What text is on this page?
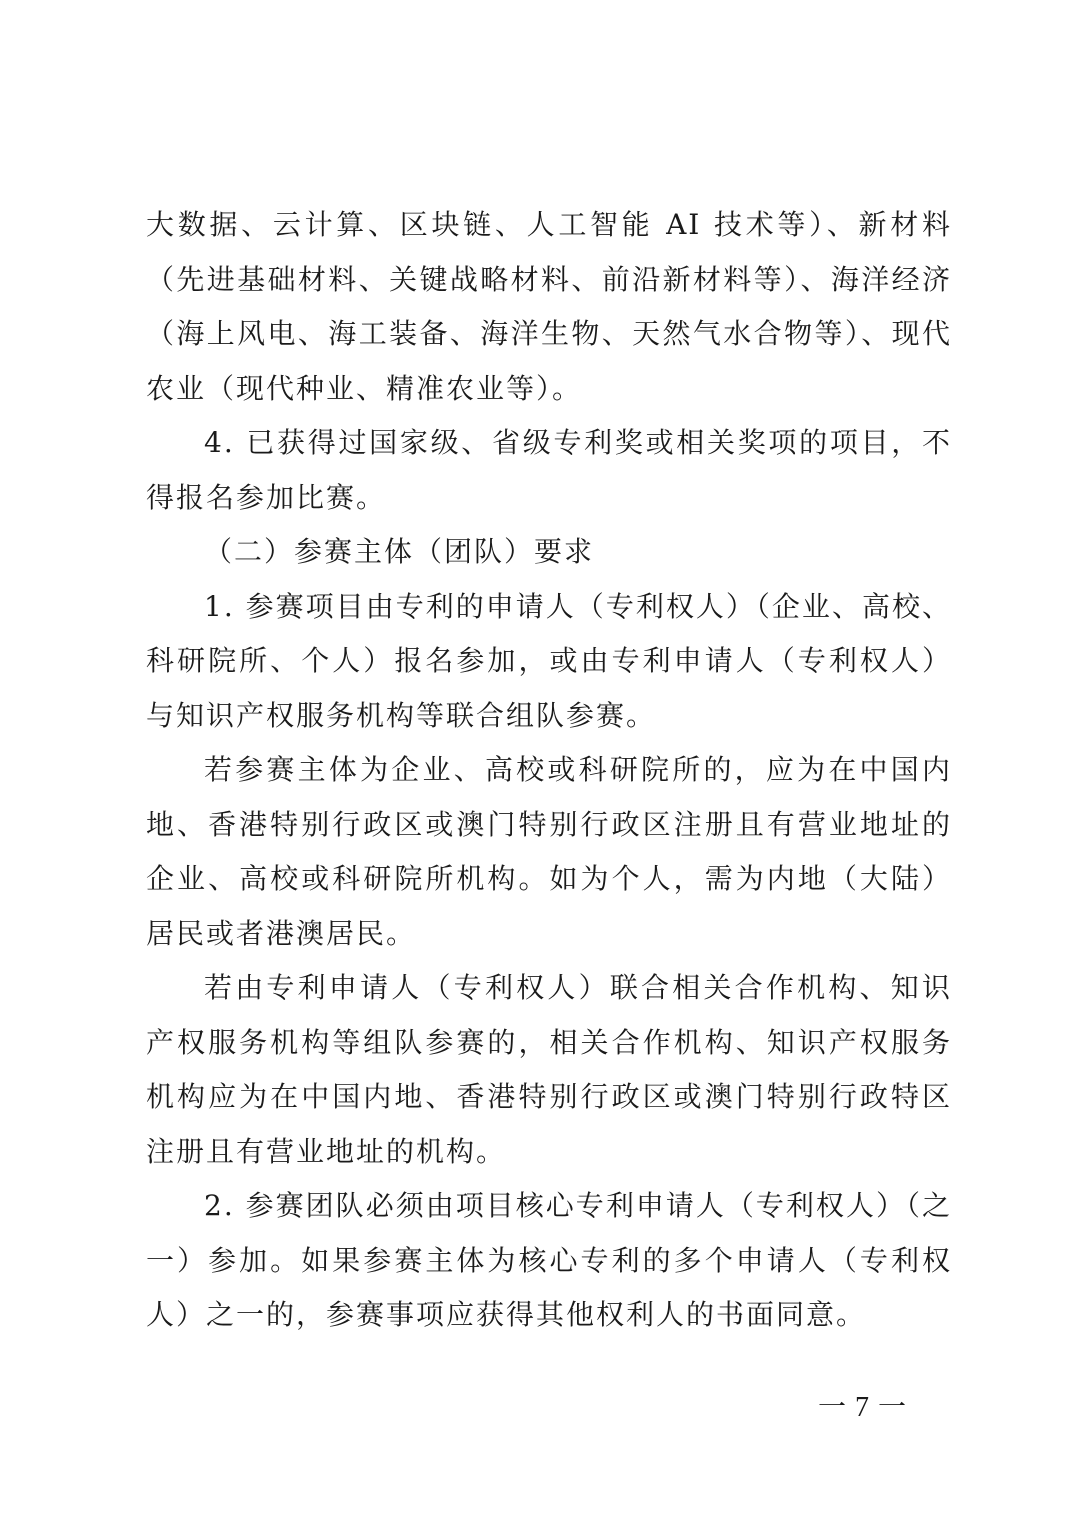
大数据、云计算、区块链、人工智能 AI 技术等）、新材料（先进基础材料、关键战略材料、前沿新材料等）、海洋经济（海上风电、海工装备、海洋生物、天然气水合物等）、现代农业（现代种业、精准农业等）。

4. 已获得过国家级、省级专利奖或相关奖项的项目，不得报名参加比赛。

（二）参赛主体（团队）要求

1. 参赛项目由专利的申请人（专利权人）（企业、高校、科研院所、个人）报名参加，或由专利申请人（专利权人）与知识产权服务机构等联合组队参赛。

若参赛主体为企业、高校或科研院所的，应为在中国内地、香港特别行政区或澳门特别行政区注册且有营业地址的企业、高校或科研院所机构。如为个人，需为内地（大陆）居民或者港澳居民。

若由专利申请人（专利权人）联合相关合作机构、知识产权服务机构等组队参赛的，相关合作机构、知识产权服务机构应为在中国内地、香港特别行政区或澳门特别行政特区注册且有营业地址的机构。

2. 参赛团队必须由项目核心专利申请人（专利权人）（之一）参加。如果参赛主体为核心专利的多个申请人（专利权人）之一的，参赛事项应获得其他权利人的书面同意。

一 7 一
